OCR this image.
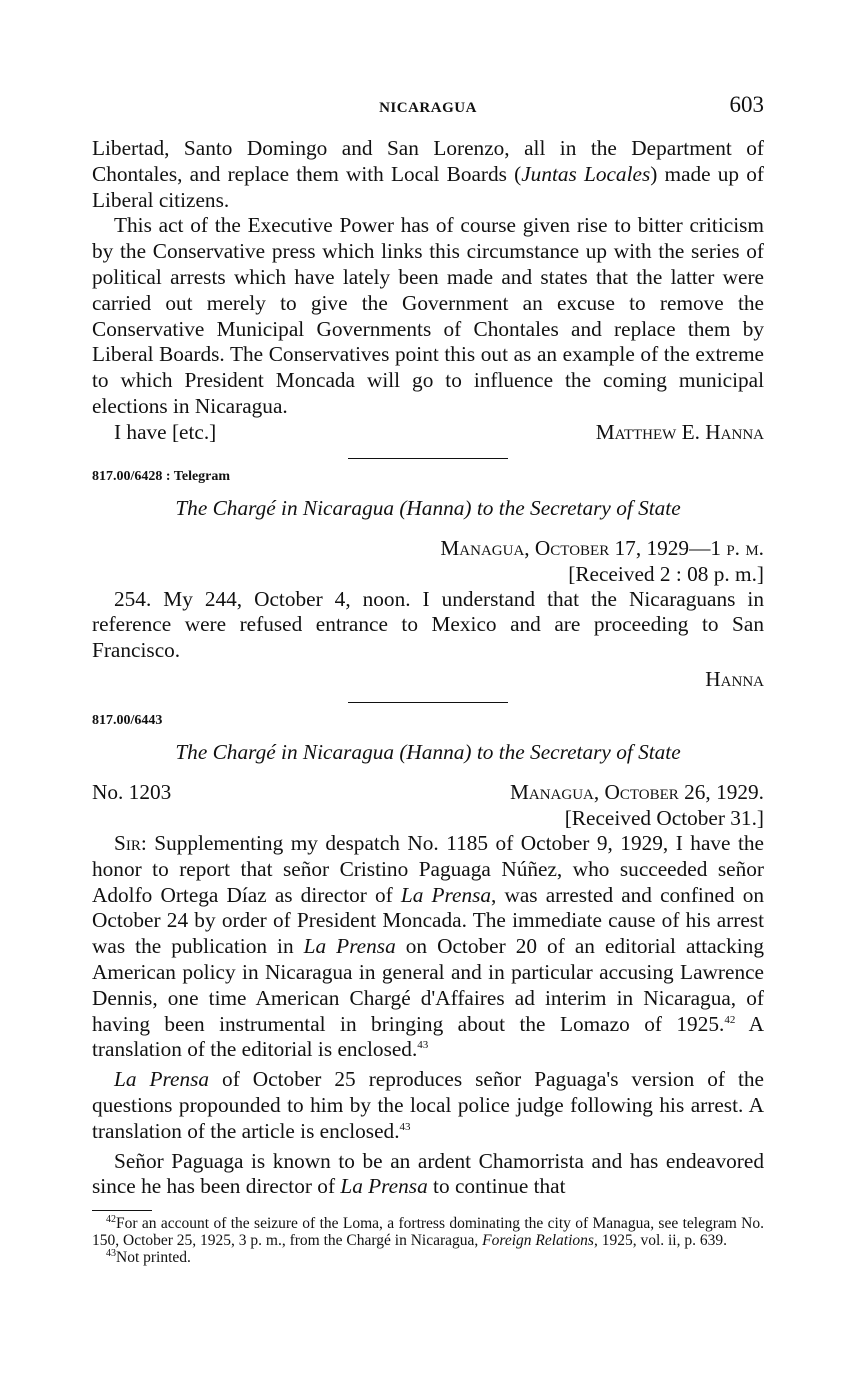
NICARAGUA	603

Libertad, Santo Domingo and San Lorenzo, all in the Department of Chontales, and replace them with Local Boards (Juntas Locales) made up of Liberal citizens.

This act of the Executive Power has of course given rise to bitter criticism by the Conservative press which links this circumstance up with the series of political arrests which have lately been made and states that the latter were carried out merely to give the Government an excuse to remove the Conservative Municipal Governments of Chontales and replace them by Liberal Boards. The Conservatives point this out as an example of the extreme to which President Moncada will go to influence the coming municipal elections in Nicaragua.

I have [etc.]	Matthew E. Hanna
817.00/6428 : Telegram
The Chargé in Nicaragua (Hanna) to the Secretary of State
Managua, October 17, 1929—1 p. m.
[Received 2 : 08 p. m.]

254. My 244, October 4, noon. I understand that the Nicaraguans in reference were refused entrance to Mexico and are proceeding to San Francisco.

Hanna
817.00/6443
The Chargé in Nicaragua (Hanna) to the Secretary of State
No. 1203	Managua, October 26, 1929.
[Received October 31.]

Sir: Supplementing my despatch No. 1185 of October 9, 1929, I have the honor to report that señor Cristino Paguaga Núñez, who succeeded señor Adolfo Ortega Díaz as director of La Prensa, was arrested and confined on October 24 by order of President Moncada. The immediate cause of his arrest was the publication in La Prensa on October 20 of an editorial attacking American policy in Nicaragua in general and in particular accusing Lawrence Dennis, one time American Chargé d'Affaires ad interim in Nicaragua, of having been instrumental in bringing about the Lomazo of 1925.42 A translation of the editorial is enclosed.$^{43}$

La Prensa of October 25 reproduces señor Paguaga's version of the questions propounded to him by the local police judge following his arrest. A translation of the article is enclosed.$^{43}$

Señor Paguaga is known to be an ardent Chamorrista and has endeavored since he has been director of La Prensa to continue that

$^{42}$For an account of the seizure of the Loma, a fortress dominating the city of Managua, see telegram No. 150, October 25, 1925, 3 p. m., from the Chargé in Nicaragua, Foreign Relations, 1925, vol. ii, p. 639.
$^{43}$Not printed.
